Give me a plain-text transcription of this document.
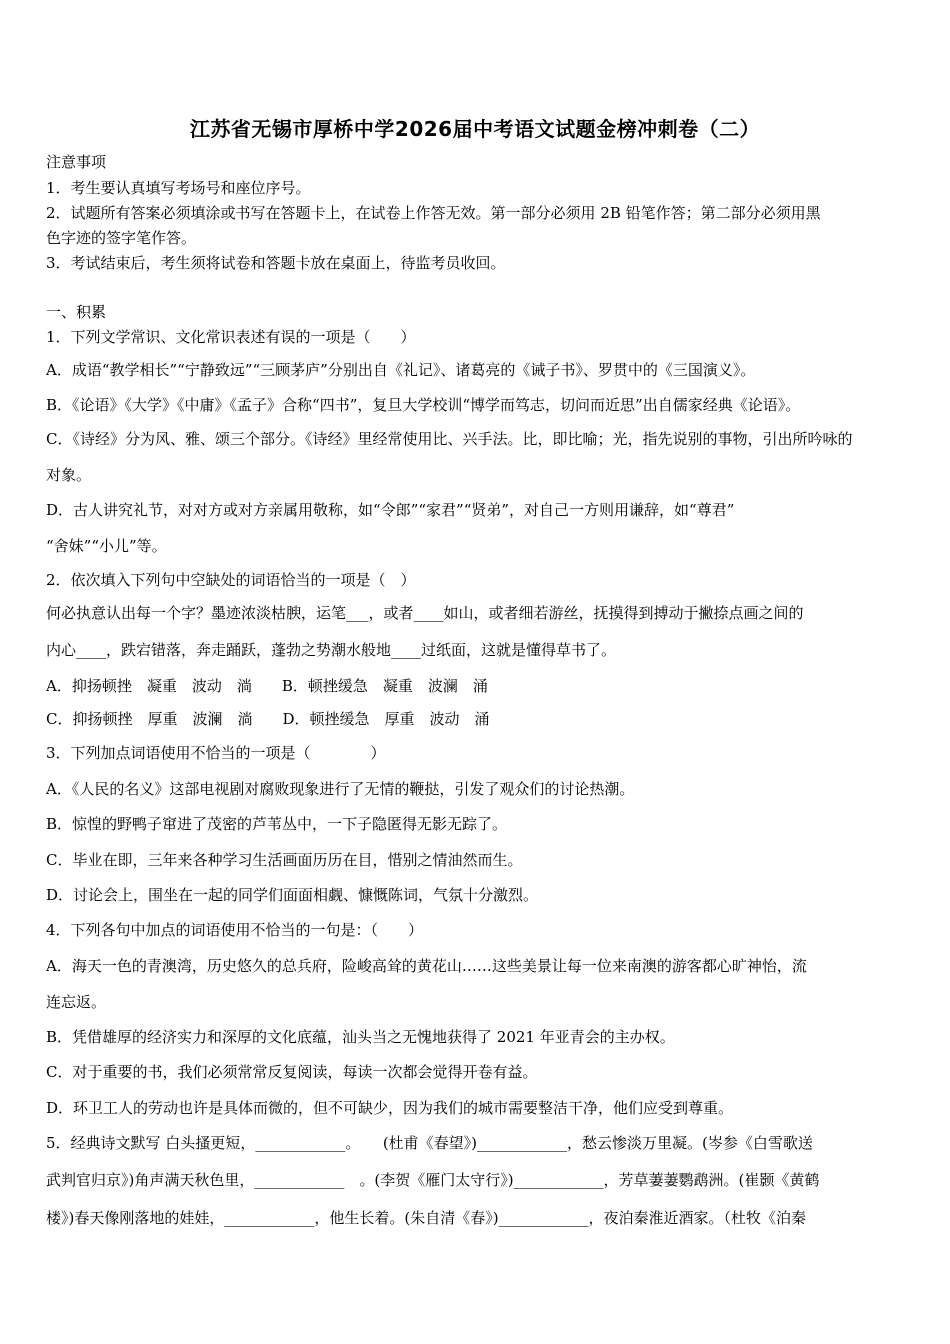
江苏省无锡市厚桥中学2026届中考语文试题金榜冲刺卷（二）
注意事项
1．考生要认真填写考场号和座位序号。
2．试题所有答案必须填涂或书写在答题卡上，在试卷上作答无效。第一部分必须用 2B 铅笔作答；第二部分必须用黑
色字迹的签字笔作答。
3．考试结束后，考生须将试卷和答题卡放在桌面上，待监考员收回。
一、积累
1．下列文学常识、文化常识表述有误的一项是（　　）
A．成语“教学相长”“宁静致远”“三顾茅庐”分别出自《礼记》、诸葛亮的《诫子书》、罗贯中的《三国演义》。
B．《论语》《大学》《中庸》《孟子》合称“四书”，复旦大学校训“博学而笃志，切问而近思”出自儒家经典《论语》。
C．《诗经》分为风、雅、颂三个部分。《诗经》里经常使用比、兴手法。比，即比喻；光，指先说别的事物，引出所吟咏的
对象。
D．古人讲究礼节，对对方或对方亲属用敬称，如“令郎”“家君”“贤弟”，对自己一方则用谦辞，如“尊君”
“舍妹”“小儿”等。
2．依次填入下列句中空缺处的词语恰当的一项是（　）
何必执意认出每一个字？墨迹浓淡枯腴，运笔___，或者____如山，或者细若游丝，抚摸得到搏动于撇捺点画之间的
内心____，跌宕错落，奔走踊跃，蓬勃之势潮水般地____过纸面，这就是懂得草书了。
A．抑扬顿挫　凝重　波动　淌　　B．顿挫缓急　凝重　波澜　涌
C．抑扬顿挫　厚重　波澜　淌　　D．顿挫缓急　厚重　波动　涌
3．下列加点词语使用不恰当的一项是（　　　　）
A．《人民的名义》这部电视剧对腐败现象进行了无情的鞭挞，引发了观众们的讨论热潮。
B．惊惶的野鸭子窜进了茂密的芦苇丛中，一下子隐匿得无影无踪了。
C．毕业在即，三年来各种学习生活画面历历在目，惜别之情油然而生。
D．讨论会上，围坐在一起的同学们面面相觑、慷慨陈词，气氛十分激烈。
4．下列各句中加点的词语使用不恰当的一句是：（　　）
A．海天一色的青澳湾，历史悠久的总兵府，险峻高耸的黄花山……这些美景让每一位来南澳的游客都心旷神怡，流
连忘返。
B．凭借雄厚的经济实力和深厚的文化底蕴，汕头当之无愧地获得了 2021 年亚青会的主办权。
C．对于重要的书，我们必须常常反复阅读，每读一次都会觉得开卷有益。
D．环卫工人的劳动也许是具体而微的，但不可缺少，因为我们的城市需要整洁干净，他们应受到尊重。
5．经典诗文默写 白头搔更短，____________。　　(杜甫《春望》)____________，愁云惨淡万里凝。(岑参《白雪歌送
武判官归京》)角声满天秋色里，____________　。(李贺《雁门太守行》)____________，芳草萋萋鹦鹉洲。(崔颢《黄鹤
楼》)春天像刚落地的娃娃，____________，他生长着。(朱自清《春》)____________，夜泊秦淮近酒家。（杜牧《泊秦
